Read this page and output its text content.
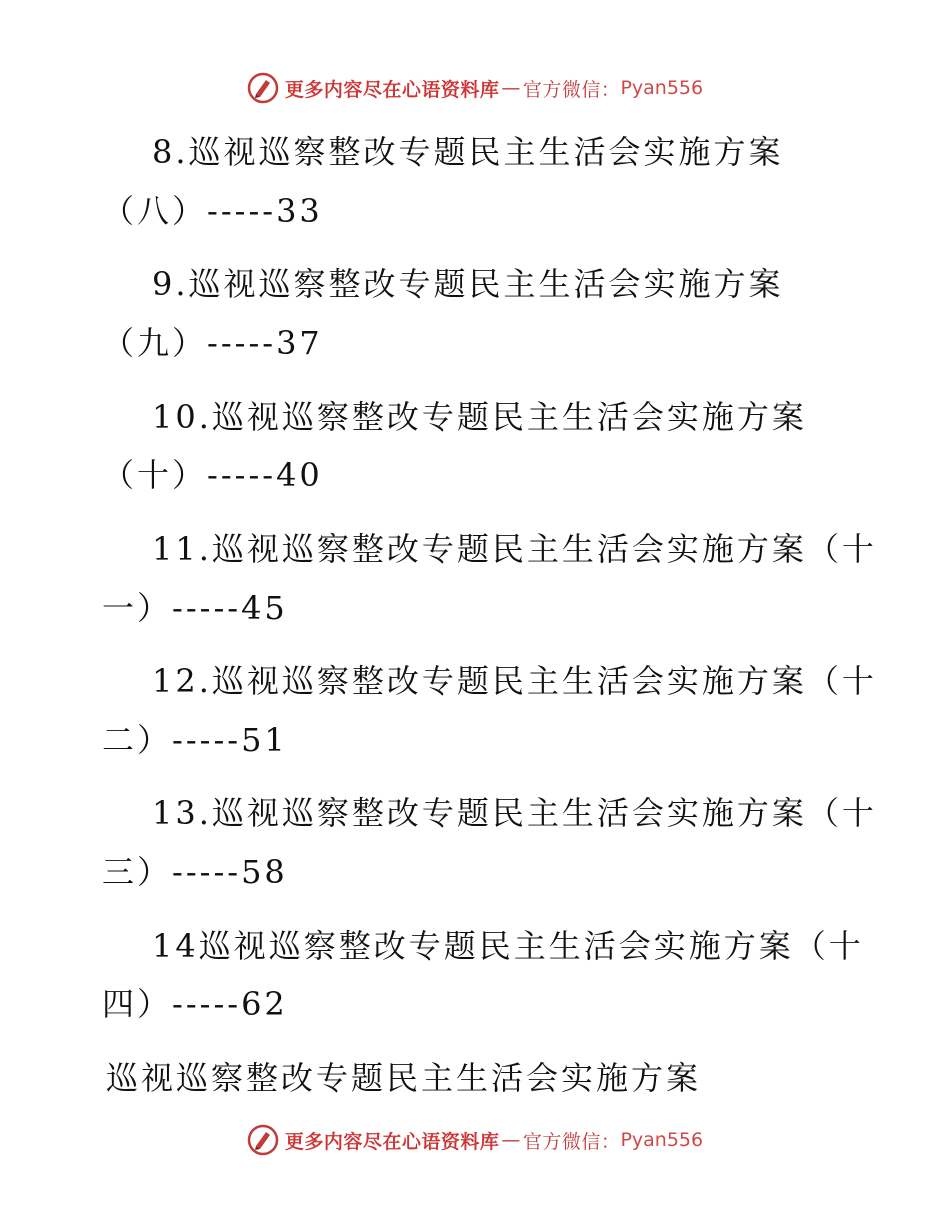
更多内容尽在心语资料库 — 官方微信： Pyan556
8.巡视巡察整改专题民主生活会实施方案
（八）-----33
9.巡视巡察整改专题民主生活会实施方案
（九）-----37
10.巡视巡察整改专题民主生活会实施方案
（十）-----40
11.巡视巡察整改专题民主生活会实施方案（十
一）-----45
12.巡视巡察整改专题民主生活会实施方案（十
二）-----51
13.巡视巡察整改专题民主生活会实施方案（十
三）-----58
14巡视巡察整改专题民主生活会实施方案（十
四）-----62
巡视巡察整改专题民主生活会实施方案
更多内容尽在心语资料库 — 官方微信： Pyan556
